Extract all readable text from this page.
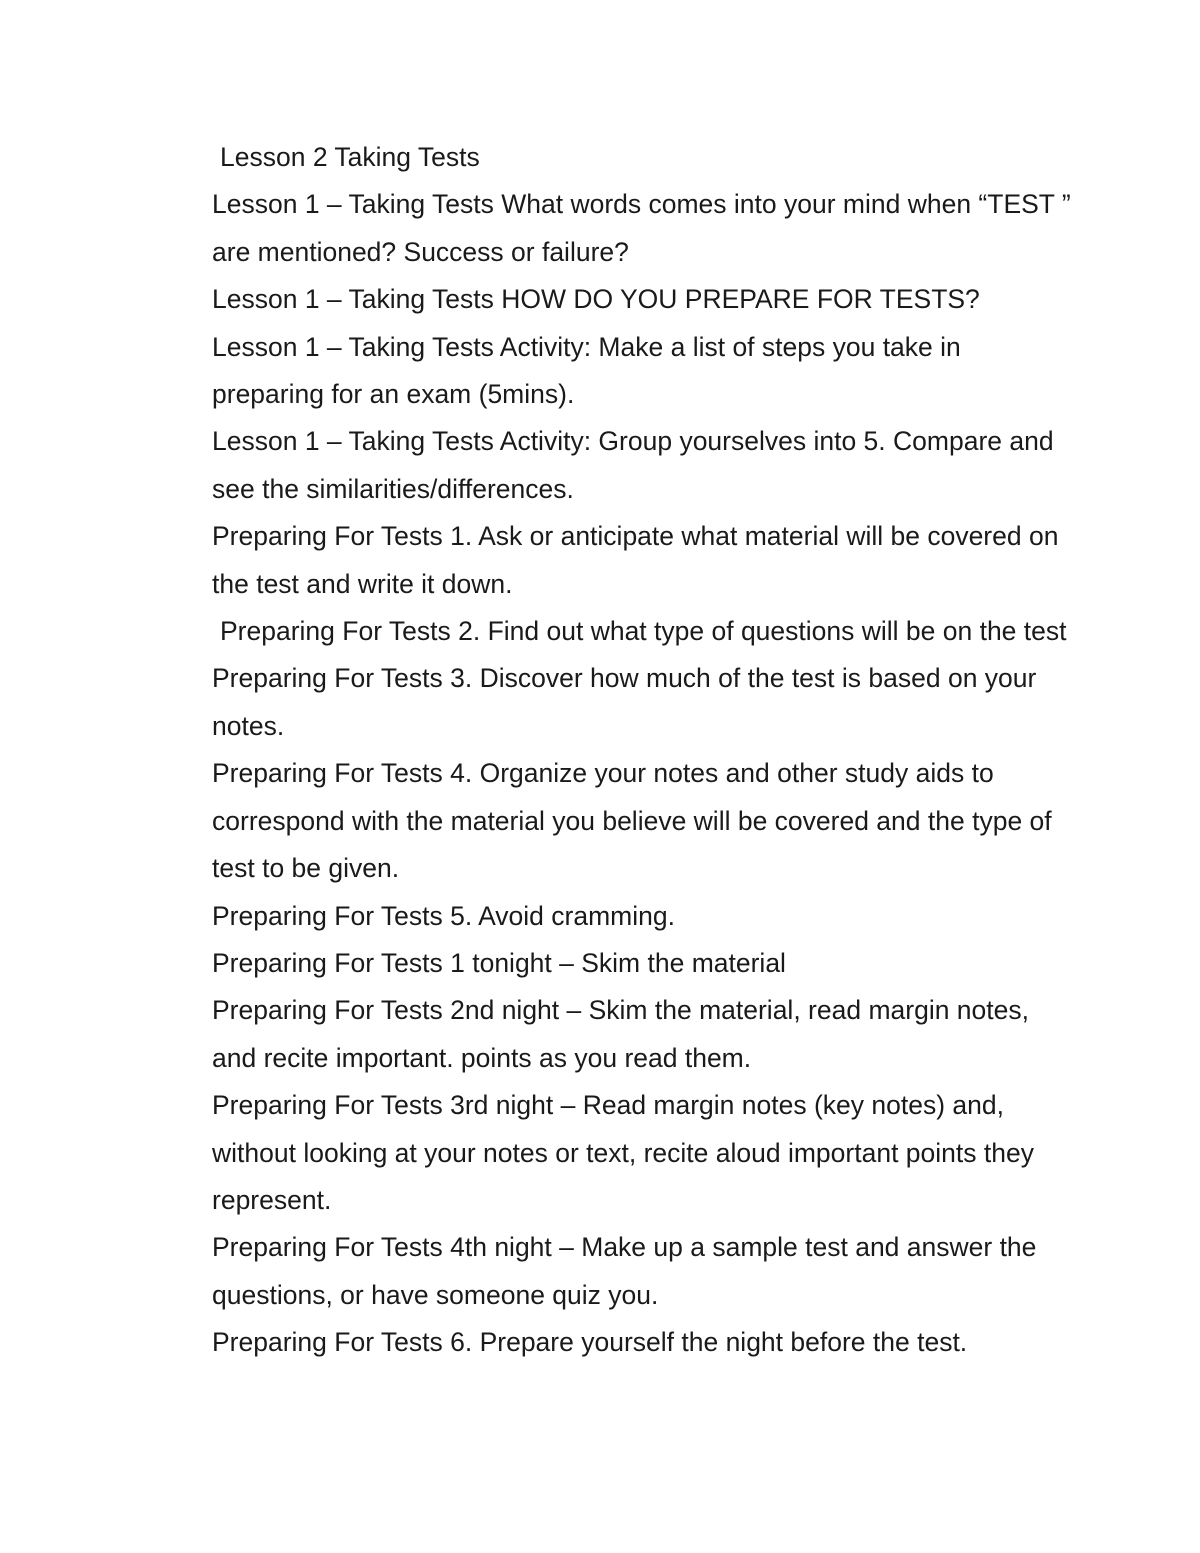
Lesson 2 Taking Tests

Lesson 1 – Taking Tests What words comes into your mind when “TEST ” are mentioned? Success or failure?

Lesson 1 – Taking Tests HOW DO YOU PREPARE FOR TESTS?

Lesson 1 – Taking Tests Activity: Make a list of steps you take in preparing for an exam (5mins).

Lesson 1 – Taking Tests Activity: Group yourselves into 5. Compare and see the similarities/differences.

Preparing For Tests 1. Ask or anticipate what material will be covered on the test and write it down.

Preparing For Tests 2. Find out what type of questions will be on the test

Preparing For Tests 3. Discover how much of the test is based on your notes.

Preparing For Tests 4. Organize your notes and other study aids to correspond with the material you believe will be covered and the type of test to be given.

Preparing For Tests 5. Avoid cramming.

Preparing For Tests 1 tonight – Skim the material

Preparing For Tests 2nd night – Skim the material, read margin notes, and recite important. points as you read them.

Preparing For Tests 3rd night – Read margin notes (key notes) and, without looking at your notes or text, recite aloud important points they represent.

Preparing For Tests 4th night – Make up a sample test and answer the questions, or have someone quiz you.

Preparing For Tests 6. Prepare yourself the night before the test.
